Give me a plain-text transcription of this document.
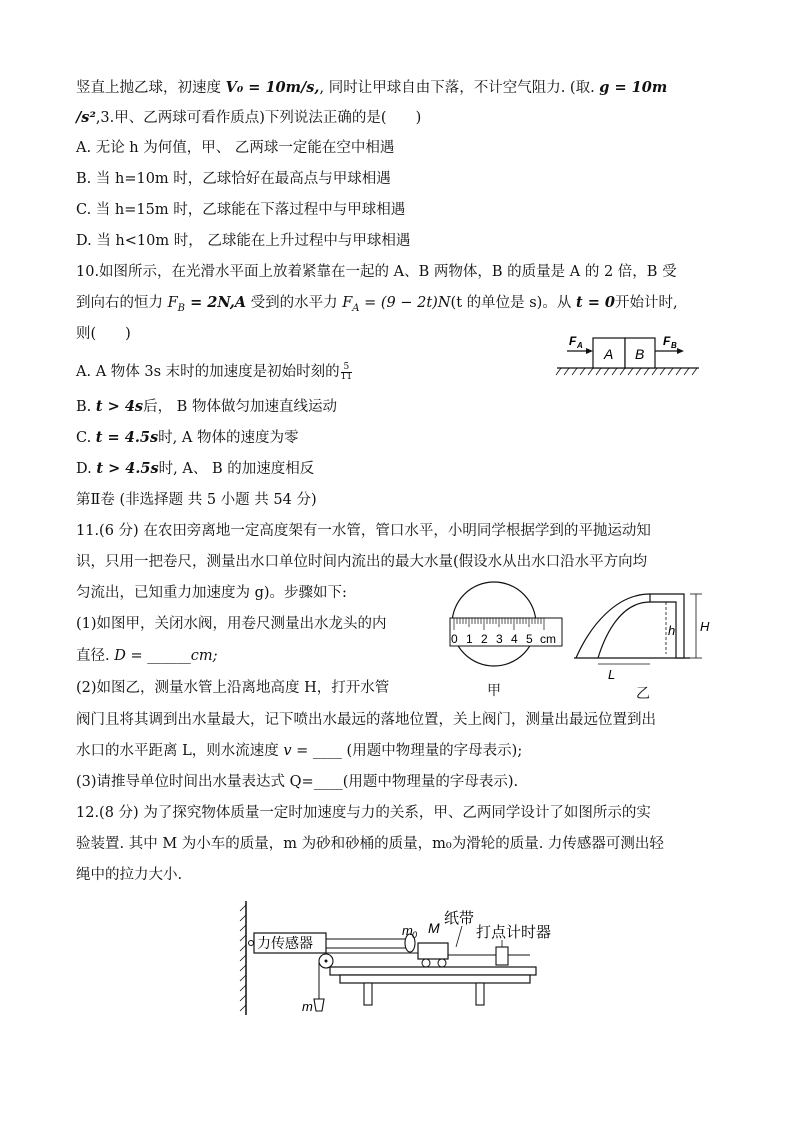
竖直上抛乙球，初速度 V₀ = 10m/s,, 同时让甲球自由下落，不计空气阻力. (取. g = 10m
/s²,3.甲、乙两球可看作质点)下列说法正确的是(　　)
A. 无论 h 为何值，甲、 乙两球一定能在空中相遇
B. 当 h=10m 时，乙球恰好在最高点与甲球相遇
C. 当 h=15m 时，乙球能在下落过程中与甲球相遇
D. 当 h<10m 时， 乙球能在上升过程中与甲球相遇
10.如图所示，在光滑水平面上放着紧靠在一起的 A、B 两物体，B 的质量是 A 的 2 倍，B 受
到向右的恒力 $F_B = 2N,A$ 受到的水平力 $F_A = (9 - 2t)N(t$ 的单位是 s)。从 t = 0开始计时,
则(　　)
A. A 物体 3s 末时的加速度是初始时刻的 $\frac{5}{11}$
B. t > 4s后， B 物体做匀加速直线运动
C. t = 4.5s时, A 物体的速度为零
D. t > 4.5s时, A、 B 的加速度相反
A B
F A	F B
第Ⅱ卷 (非选择题 共 5 小题 共 54 分)
11.(6 分) 在农田旁离地一定高度架有一水管，管口水平，小明同学根据学到的平抛运动知
识，只用一把卷尺，测量出水口单位时间内流出的最大水量(假设水从出水口沿水平方向均
匀流出，已知重力加速度为 g)。步骤如下:
(1)如图甲，关闭水阀，用卷尺测量出水龙头的内
直径. D = ______cm;
(2)如图乙，测量水管上沿离地高度 H，打开水管
阀门且将其调到出水量最大，记下喷出水最远的落地位置，关上阀门，测量出最远位置到出
水口的水平距离 L，则水流速度 v = ____ (用题中物理量的字母表示);
(3)请推导单位时间出水量表达式 Q=____(用题中物理量的字母表示).
0 1 2 3 4 5 cm
甲
h H
L
乙
12.(8 分) 为了探究物体质量一定时加速度与力的关系，甲、乙两同学设计了如图所示的实
验装置. 其中 M 为小车的质量，m 为砂和砂桶的质量，m₀为滑轮的质量. 力传感器可测出轻
绳中的拉力大小.
力传感器
m 0 M
纸带
打点计时器
m
